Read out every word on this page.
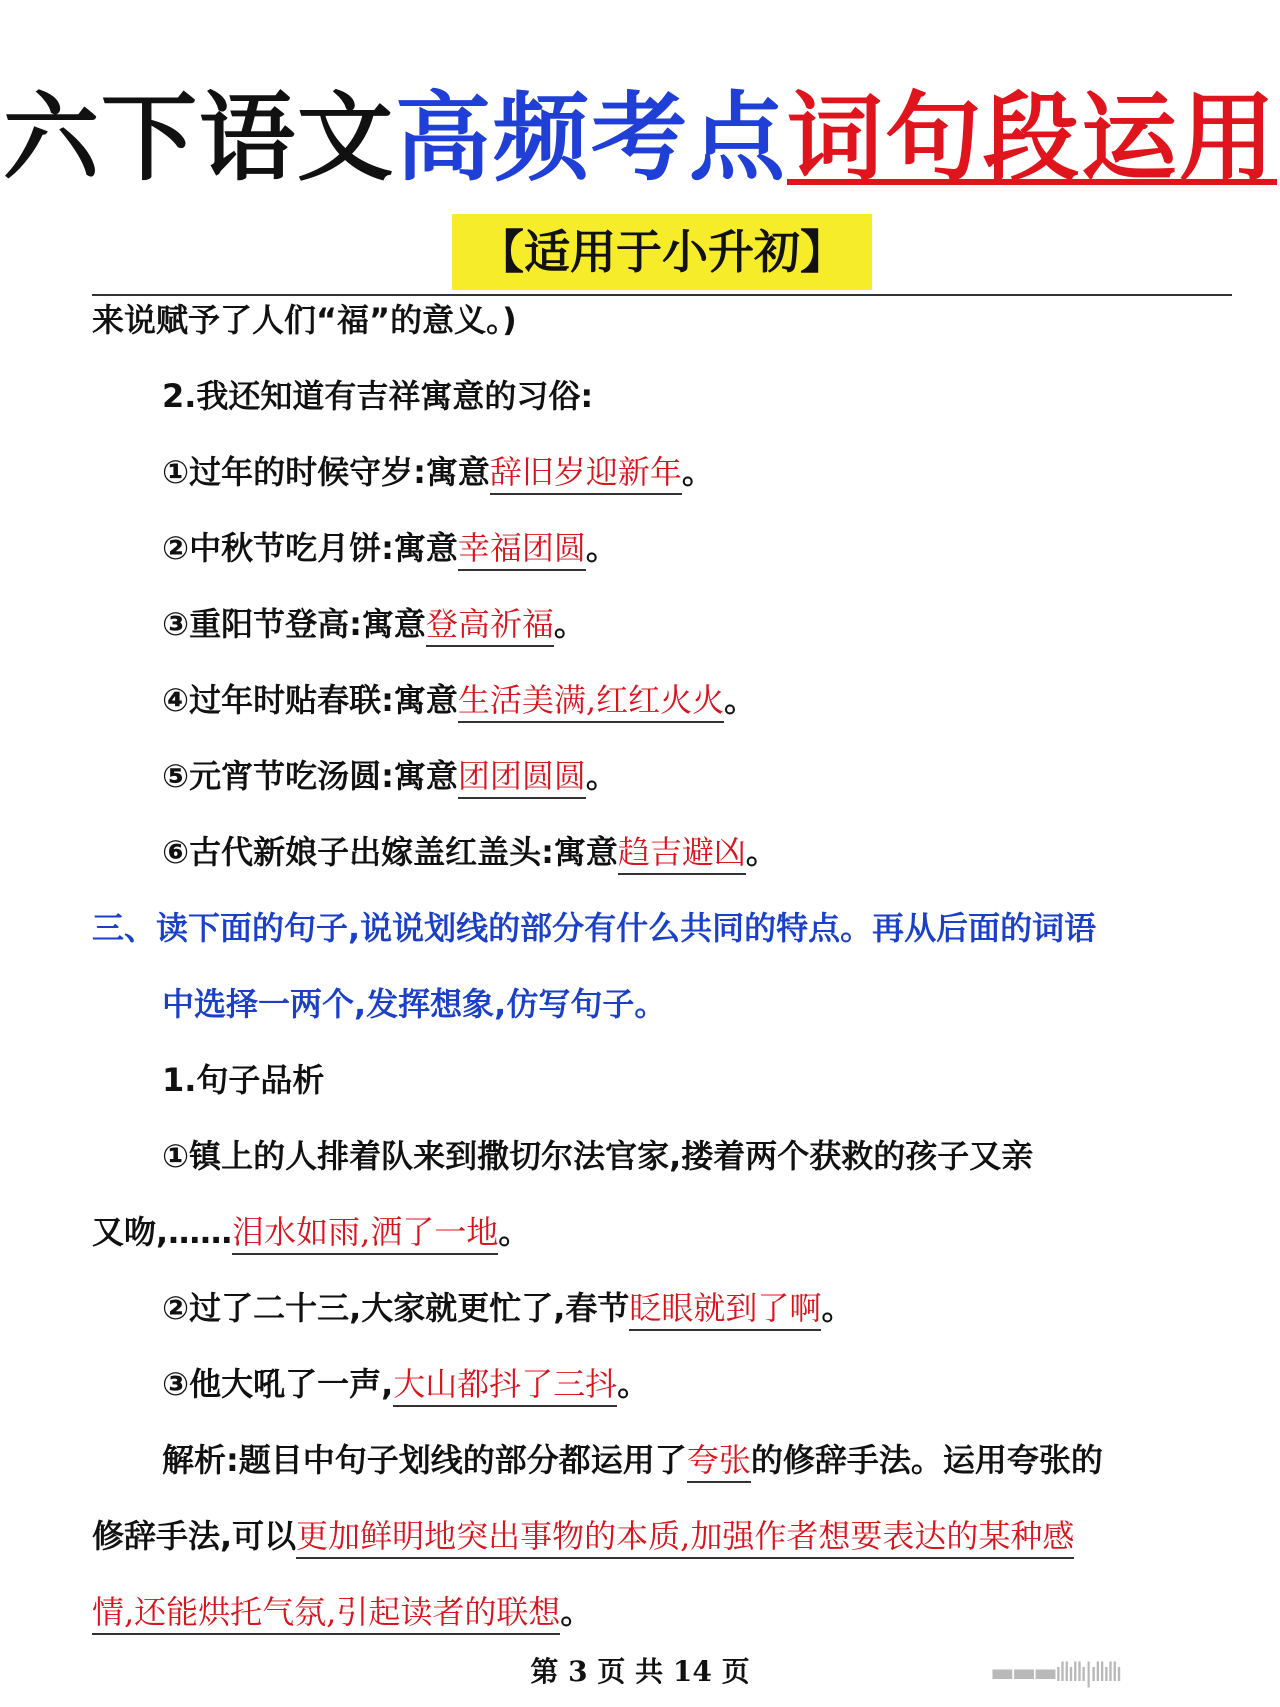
六下语文高频考点词句段运用
【适用于小升初】
来说赋予了人们“福”的意义。)
2.我还知道有吉祥寓意的习俗:
①过年的时候守岁:寓意辞旧岁迎新年。
②中秋节吃月饼:寓意幸福团圆。
③重阳节登高:寓意登高祈福。
④过年时贴春联:寓意生活美满,红红火火。
⑤元宵节吃汤圆:寓意团团圆圆。
⑥古代新娘子出嫁盖红盖头:寓意趋吉避凶。
三、读下面的句子,说说划线的部分有什么共同的特点。再从后面的词语
中选择一两个,发挥想象,仿写句子。
1.句子品析
①镇上的人排着队来到撒切尔法官家,搂着两个获救的孩子又亲
又吻,……泪水如雨,洒了一地。
②过了二十三,大家就更忙了,春节眨眼就到了啊。
③他大吼了一声,大山都抖了三抖。
解析:题目中句子划线的部分都运用了夸张的修辞手法。运用夸张的
修辞手法,可以更加鲜明地突出事物的本质,加强作者想要表达的某种感
情,还能烘托气氛,引起读者的联想。
第 3 页 共 14 页	▬▬▬ıllıllı|ıllıllı
